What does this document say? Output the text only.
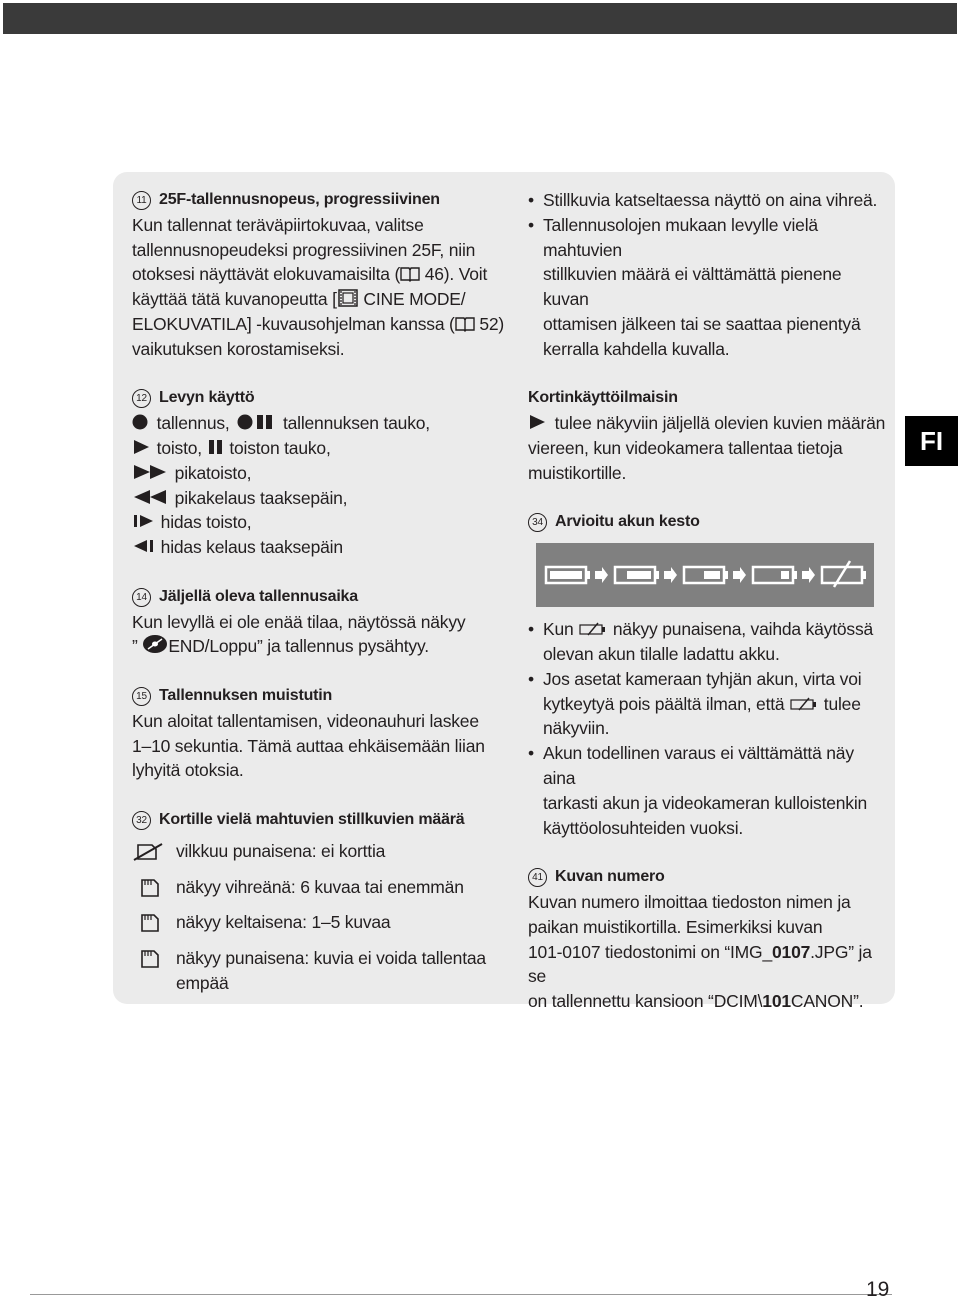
11 25F-tallennusnopeus, progressiivinen
Kun tallennat teräväpiirtokuvaa, valitse
tallennusnopeudeksi progressiivinen 25F, niin
otoksesi näyttävät elokuvamaisilta ( 46). Voit
käyttää tätä kuvanopeutta [ CINE MODE/
ELOKUVATILA] -kuvausohjelman kanssa ( 52)
vaikutuksen korostamiseksi.
12 Levyn käyttö
tallennus,	tallennuksen tauko,
toisto, toiston tauko,
pikatoisto,
pikakelaus taaksepäin,
hidas toisto,
hidas kelaus taaksepäin
14 Jäljellä oleva tallennusaika
Kun levyllä ei ole enää tilaa, näytössä näkyy
” END/Loppu” ja tallennus pysähtyy.
15 Tallennuksen muistutin
Kun aloitat tallentamisen, videonauhuri laskee
1–10 sekuntia. Tämä auttaa ehkäisemään liian
lyhyitä otoksia.
32 Kortille vielä mahtuvien stillkuvien määrä
vilkkuu punaisena: ei korttia
näkyy vihreänä: 6 kuvaa tai enemmän
näkyy keltaisena: 1–5 kuvaa
näkyy punaisena: kuvia ei voida tallentaa
empää
• Stillkuvia katseltaessa näyttö on aina vihreä.
• Tallennusolojen mukaan levylle vielä mahtuvien
stillkuvien määrä ei välttämättä pienene kuvan
ottamisen jälkeen tai se saattaa pienentyä
kerralla kahdella kuvalla.
Kortinkäyttöilmaisin
tulee näkyviin jäljellä olevien kuvien määrän
viereen, kun videokamera tallentaa tietoja
muistikortille.
34 Arvioitu akun kesto
• Kun näkyy punaisena, vaihda käytössä
olevan akun tilalle ladattu akku.
• Jos asetat kameraan tyhjän akun, virta voi
kytkeytyä pois päältä ilman, että tulee
näkyviin.
• Akun todellinen varaus ei välttämättä näy aina
tarkasti akun ja videokameran kulloistenkin
käyttöolosuhteiden vuoksi.
41 Kuvan numero
Kuvan numero ilmoittaa tiedoston nimen ja
paikan muistikortilla. Esimerkiksi kuvan
101-0107 tiedostonimi on “IMG_0107.JPG” ja se
on tallennettu kansioon “DCIM\101CANON”.
FI
19
